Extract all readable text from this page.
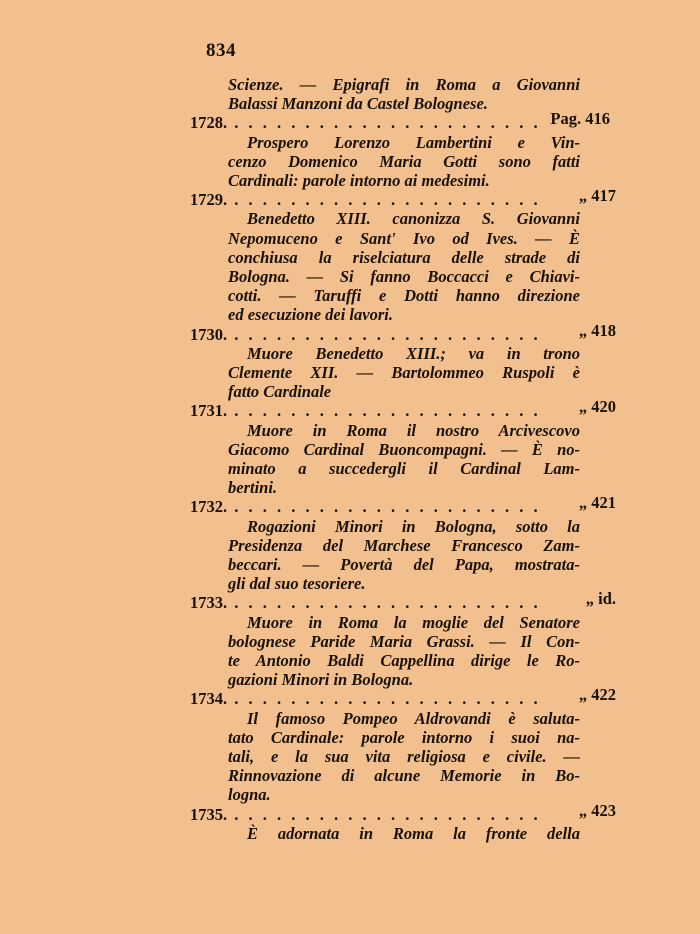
834
Scienze. — Epigrafi in Roma a Giovanni
Balassi Manzoni da Castel Bolognese.
1728. . . . . . . . . . . . . . . . . . . . . . . Pag. 416
Prospero Lorenzo Lambertini e Vin-
cenzo Domenico Maria Gotti sono fatti
Cardinali: parole intorno ai medesimi.
1729. . . . . . . . . . . . . . . . . . . . . . .	„ 417
Benedetto XIII. canonizza S. Giovanni
Nepomuceno e Sant' Ivo od Ives. — È
conchiusa la riselciatura delle strade di
Bologna. — Si fanno Boccacci e Chiavi-
cotti. — Taruffi e Dotti hanno direzione
ed esecuzione dei lavori.
1730. . . . . . . . . . . . . . . . . . . . . . .	„ 418
Muore Benedetto XIII.; va in trono
Clemente XII. — Bartolommeo Ruspoli è
fatto Cardinale
1731. . . . . . . . . . . . . . . . . . . . . . .	„ 420
Muore in Roma il nostro Arcivescovo
Giacomo Cardinal Buoncompagni. — È no-
minato a succedergli il Cardinal Lam-
bertini.
1732. . . . . . . . . . . . . . . . . . . . . . .	„ 421
Rogazioni Minori in Bologna, sotto la
Presidenza del Marchese Francesco Zam-
beccari. — Povertà del Papa, mostrata-
gli dal suo tesoriere.
1733. . . . . . . . . . . . . . . . . . . . . . .	„ id.
Muore in Roma la moglie del Senatore
bolognese Paride Maria Grassi. — Il Con-
te Antonio Baldi Cappellina dirige le Ro-
gazioni Minori in Bologna.
1734. . . . . . . . . . . . . . . . . . . . . . .	„ 422
Il famoso Pompeo Aldrovandi è saluta-
tato Cardinale: parole intorno i suoi na-
tali, e la sua vita religiosa e civile. —
Rinnovazione di alcune Memorie in Bo-
logna.
1735. . . . . . . . . . . . . . . . . . . . . . .	„ 423
È adornata in Roma la fronte della
